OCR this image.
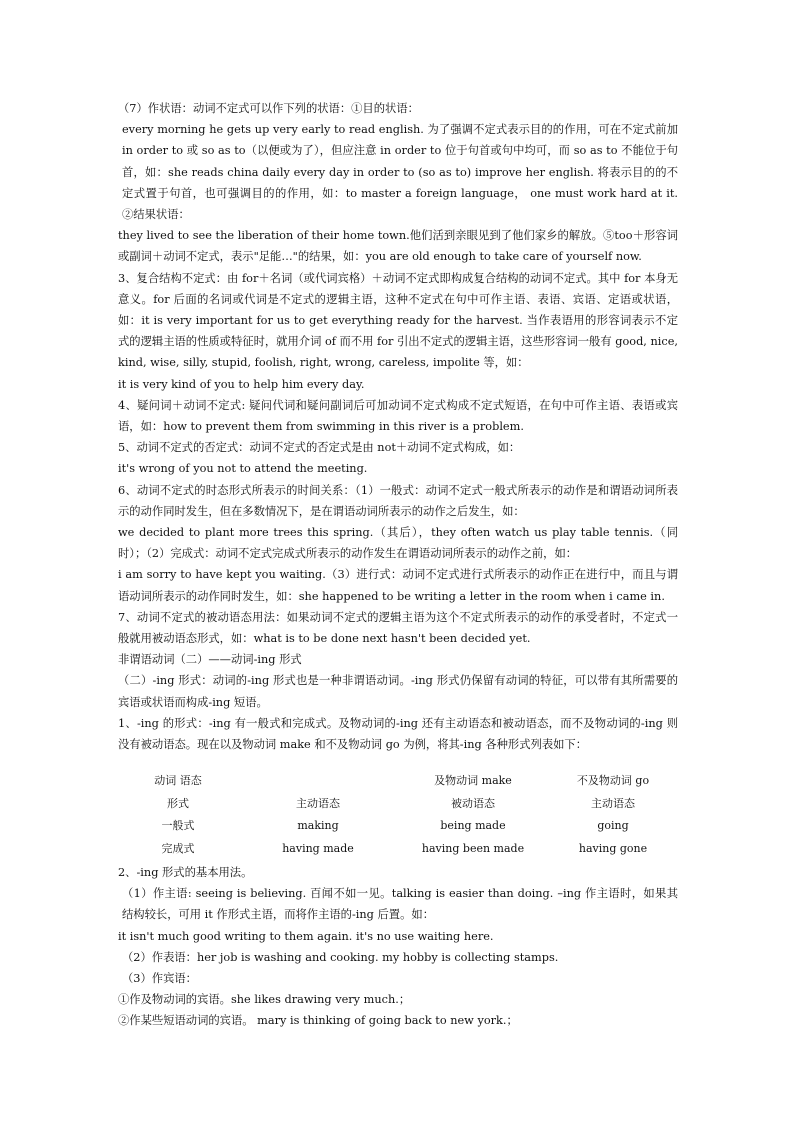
（7）作状语：动词不定式可以作下列的状语：①目的状语：

every morning he gets up very early to read english. 为了强调不定式表示目的的作用，可在不定式前加 in order to 或 so as to（以便或为了），但应注意 in order to 位于句首或句中均可，而 so as to 不能位于句首，如：she reads china daily every day in order to (so as to) improve her english. 将表示目的的不定式置于句首，也可强调目的的作用，如：to master a foreign language， one must work hard at it. ②结果状语：

they lived to see the liberation of their home town.他们活到亲眼见到了他们家乡的解放。⑤too＋形容词或副词＋动词不定式，表示"足能…"的结果，如：you are old enough to take care of yourself now.

3、复合结构不定式：由 for＋名词（或代词宾格）＋动词不定式即构成复合结构的动词不定式。其中 for 本身无意义。for 后面的名词或代词是不定式的逻辑主语，这种不定式在句中可作主语、表语、宾语、定语或状语，如：it is very important for us to get everything ready for the harvest. 当作表语用的形容词表示不定式的逻辑主语的性质或特征时，就用介词 of 而不用 for 引出不定式的逻辑主语，这些形容词一般有 good, nice, kind, wise, silly, stupid, foolish, right, wrong, careless, impolite 等，如：

it is very kind of you to help him every day.

4、疑问词＋动词不定式: 疑问代词和疑问副词后可加动词不定式构成不定式短语，在句中可作主语、表语或宾语，如：how to prevent them from swimming in this river is a problem.

5、动词不定式的否定式：动词不定式的否定式是由 not＋动词不定式构成，如：

it's wrong of you not to attend the meeting.

6、动词不定式的时态形式所表示的时间关系：（1）一般式：动词不定式一般式所表示的动作是和谓语动词所表示的动作同时发生，但在多数情况下，是在谓语动词所表示的动作之后发生，如：

we decided to plant more trees this spring.（其后），they often watch us play table tennis.（同时）；（2）完成式：动词不定式完成式所表示的动作发生在谓语动词所表示的动作之前，如：

i am sorry to have kept you waiting.（3）进行式：动词不定式进行式所表示的动作正在进行中，而且与谓语动词所表示的动作同时发生，如：she happened to be writing a letter in the room when i came in.

7、动词不定式的被动语态用法：如果动词不定式的逻辑主语为这个不定式所表示的动作的承受者时，不定式一般就用被动语态形式，如：what is to be done next hasn't been decided yet.

非谓语动词（二）——动词-ing 形式

（二）-ing 形式：动词的-ing 形式也是一种非谓语动词。-ing 形式仍保留有动词的特征，可以带有其所需要的宾语或状语而构成-ing 短语。

1、-ing 的形式：-ing 有一般式和完成式。及物动词的-ing 还有主动语态和被动语态，而不及物动词的-ing 则没有被动语态。现在以及物动词 make 和不及物动词 go 为例，将其-ing 各种形式列表如下：

动词 语态		及物动词 make	不及物动词 go
形式	主动语态	被动语态	主动语态
一般式	making	being made	going
完成式	having made	having been made	having gone

2、-ing 形式的基本用法。

（1）作主语: seeing is believing. 百闻不如一见。talking is easier than doing. –ing 作主语时，如果其结构较长，可用 it 作形式主语，而将作主语的-ing 后置。如：

it isn't much good writing to them again. it's no use waiting here.

（2）作表语：her job is washing and cooking. my hobby is collecting stamps.

（3）作宾语：

①作及物动词的宾语。she likes drawing very much.；

②作某些短语动词的宾语。 mary is thinking of going back to new york.；
